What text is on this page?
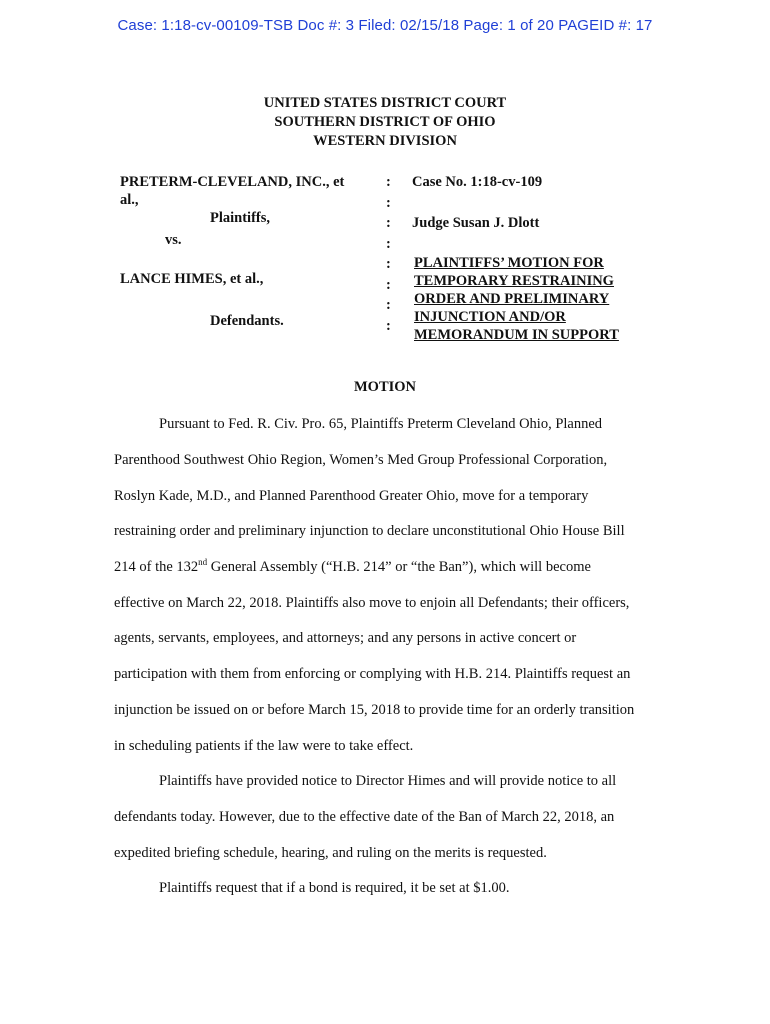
Case: 1:18-cv-00109-TSB Doc #: 3 Filed: 02/15/18 Page: 1 of 20 PAGEID #: 17
UNITED STATES DISTRICT COURT
SOUTHERN DISTRICT OF OHIO
WESTERN DIVISION
PRETERM-CLEVELAND, INC., et
al.,
Plaintiffs,
vs.
LANCE HIMES, et al.,
Defendants.
:
:
:
:
:
:
:
:
Case No. 1:18-cv-109
Judge Susan J. Dlott
PLAINTIFFS’ MOTION FOR
TEMPORARY RESTRAINING
ORDER AND PRELIMINARY
INJUNCTION AND/OR
MEMORANDUM IN SUPPORT
MOTION
Pursuant to Fed. R. Civ. Pro. 65, Plaintiffs Preterm Cleveland Ohio, Planned
Parenthood Southwest Ohio Region, Women’s Med Group Professional Corporation,
Roslyn Kade, M.D., and Planned Parenthood Greater Ohio, move for a temporary
restraining order and preliminary injunction to declare unconstitutional Ohio House Bill
214 of the 132nd General Assembly (“H.B. 214” or “the Ban”), which will become
effective on March 22, 2018. Plaintiffs also move to enjoin all Defendants; their officers,
agents, servants, employees, and attorneys; and any persons in active concert or
participation with them from enforcing or complying with H.B. 214. Plaintiffs request an
injunction be issued on or before March 15, 2018 to provide time for an orderly transition
in scheduling patients if the law were to take effect.
Plaintiffs have provided notice to Director Himes and will provide notice to all
defendants today. However, due to the effective date of the Ban of March 22, 2018, an
expedited briefing schedule, hearing, and ruling on the merits is requested.
Plaintiffs request that if a bond is required, it be set at $1.00.
